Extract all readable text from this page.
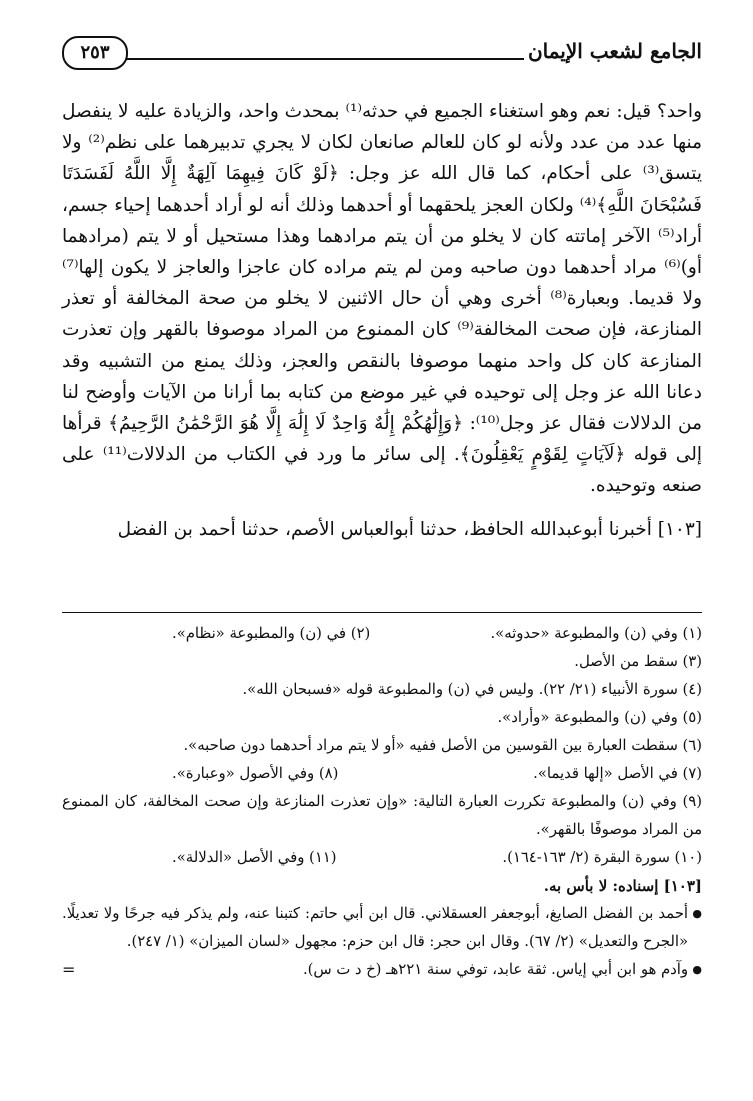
الجامع لشعب الإيمان
٢٥٣

واحد؟ قيل: نعم وهو استغناء الجميع في حدثه⁽¹⁾ بمحدث واحد، والزيادة عليه لا ينفصل منها عدد من عدد ولأنه لو كان للعالم صانعان لكان لا يجري تدبيرهما على نظم⁽²⁾ ولا يتسق⁽³⁾ على أحكام، كما قال الله عز وجل: ﴿لَوْ كَانَ فِيهِمَا آلِهَةٌ إِلَّا اللَّهُ لَفَسَدَتَا فَسُبْحَانَ اللَّهِ﴾⁽⁴⁾ ولكان العجز يلحقهما أو أحدهما وذلك أنه لو أراد أحدهما إحياء جسم، أراد⁽⁵⁾ الآخر إماتته كان لا يخلو من أن يتم مرادهما وهذا مستحيل أو لا يتم (مرادهما أو)⁽⁶⁾ مراد أحدهما دون صاحبه ومن لم يتم مراده كان عاجزا والعاجز لا يكون إلها⁽⁷⁾ ولا قديما. وبعبارة⁽⁸⁾ أخرى وهي أن حال الاثنين لا يخلو من صحة المخالفة أو تعذر المنازعة، فإن صحت المخالفة⁽⁹⁾ كان الممنوع من المراد موصوفا بالقهر وإن تعذرت المنازعة كان كل واحد منهما موصوفا بالنقص والعجز، وذلك يمنع من التشبيه وقد دعانا الله عز وجل إلى توحيده في غير موضع من كتابه بما أرانا من الآيات وأوضح لنا من الدلالات فقال عز وجل⁽¹⁰⁾: ﴿وَإِلَٰهُكُمْ إِلَٰهٌ وَاحِدٌ لَا إِلَٰهَ إِلَّا هُوَ الرَّحْمَٰنُ الرَّحِيمُ﴾ قرأها إلى قوله ﴿لَآيَاتٍ لِقَوْمٍ يَعْقِلُونَ﴾. إلى سائر ما ورد في الكتاب من الدلالات⁽¹¹⁾ على صنعه وتوحيده.

[١٠٣] أخبرنا أبوعبدالله الحافظ، حدثنا أبوالعباس الأصم، حدثنا أحمد بن الفضل

(١) وفي (ن) والمطبوعة «حدوثه».
(٢) في (ن) والمطبوعة «نظام».

(٣) سقط من الأصل.

(٤) سورة الأنبياء (٢١/ ٢٢). وليس في (ن) والمطبوعة قوله «فسبحان الله».

(٥) وفي (ن) والمطبوعة «وأراد».

(٦) سقطت العبارة بين القوسين من الأصل ففيه «أو لا يتم مراد أحدهما دون صاحبه».

(٧) في الأصل «إلها قديما».
(٨) وفي الأصول «وعبارة».

(٩) وفي (ن) والمطبوعة تكررت العبارة التالية: «وإن تعذرت المنازعة وإن صحت المخالفة، كان الممنوع من المراد موصوفًا بالقهر».

(١٠) سورة البقرة (٢/ ١٦٣-١٦٤).
(١١) وفي الأصل «الدلالة».

[١٠٣] إسناده: لا بأس به.

● أحمد بن الفضل الصايغ، أبوجعفر العسقلاني. قال ابن أبي حاتم: كتبنا عنه، ولم يذكر فيه جرحًا ولا تعديلًا. «الجرح والتعديل» (٢/ ٦٧). وقال ابن حجر: قال ابن حزم: مجهول «لسان الميزان» (١/ ٢٤٧).

● وآدم هو ابن أبي إياس. ثقة عابد، توفي سنة ٢٢١هـ (خ د ت س).

=
